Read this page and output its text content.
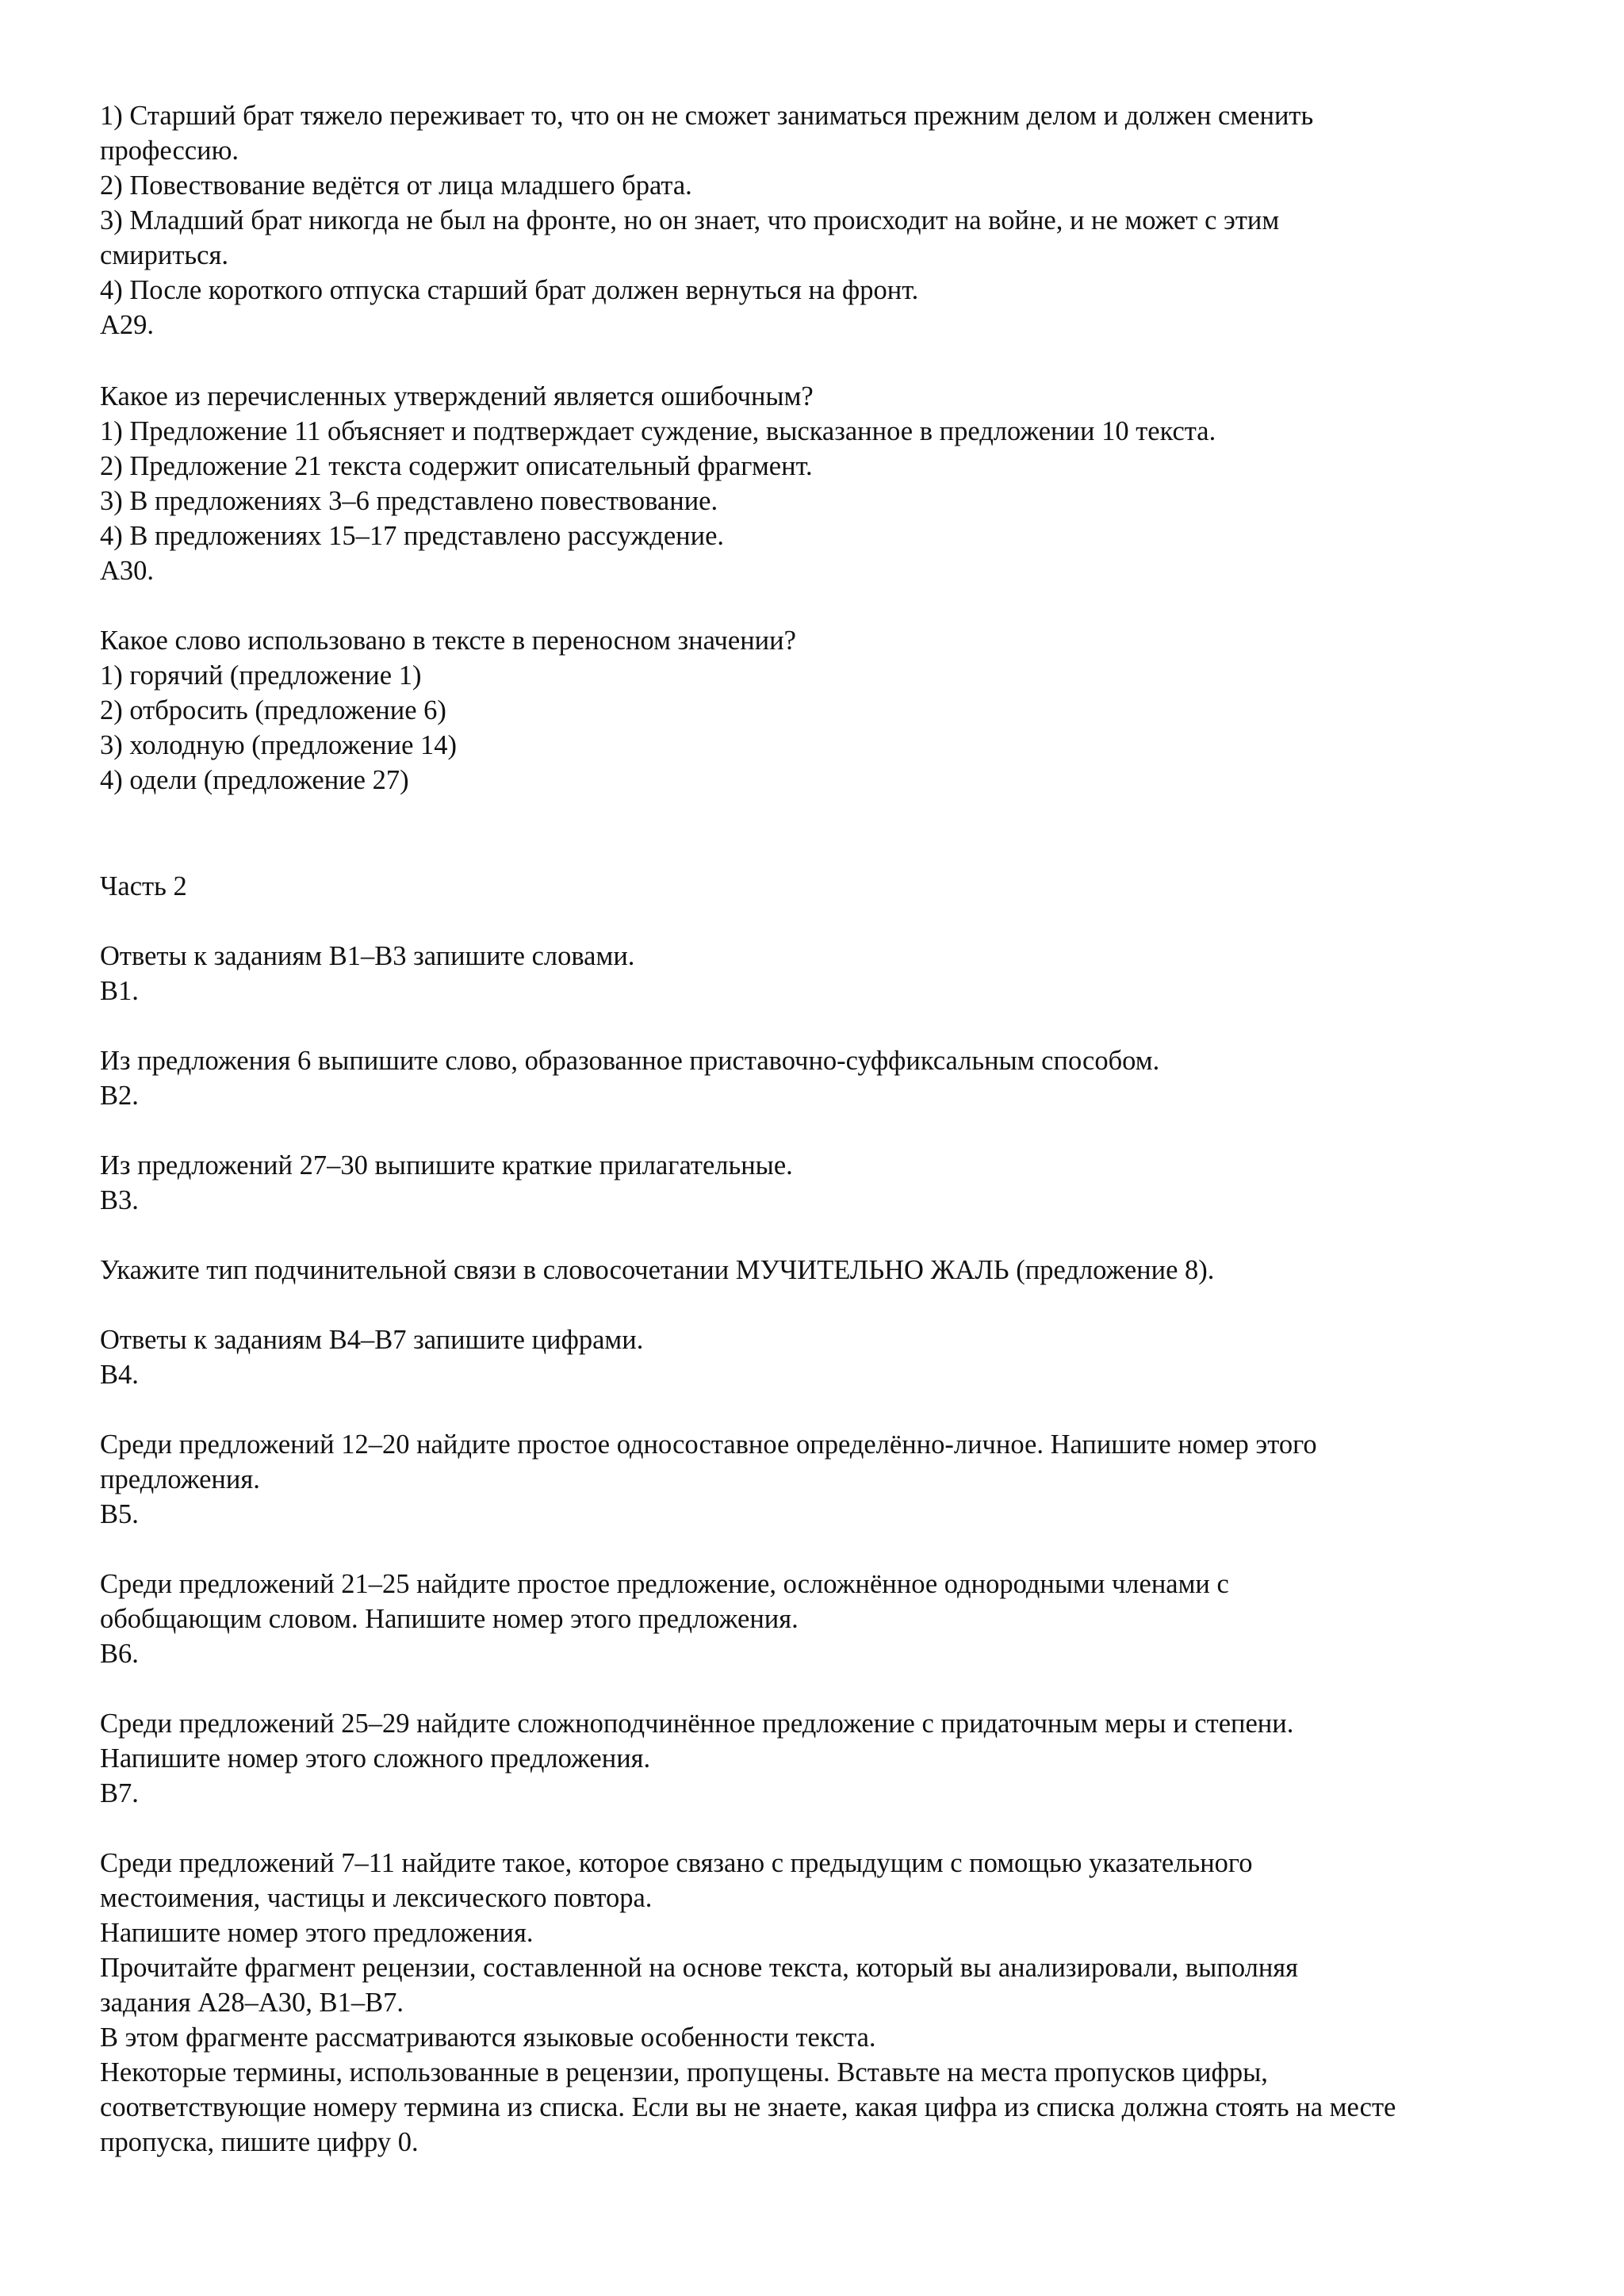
1) Старший брат тяжело переживает то, что он не сможет заниматься прежним делом и должен сменить

профессию.

2) Повествование ведётся от лица младшего брата.

3) Младший брат никогда не был на фронте, но он знает, что происходит на войне, и не может с этим

смириться.

4) После короткого отпуска старший брат должен вернуться на фронт.

A29.

Какое из перечисленных утверждений является ошибочным?

1) Предложение 11 объясняет и подтверждает суждение, высказанное в предложении 10 текста.

2) Предложение 21 текста содержит описательный фрагмент.

3) В предложениях 3–6 представлено повествование.

4) В предложениях 15–17 представлено рассуждение.

A30.

Какое слово использовано в тексте в переносном значении?

1) горячий (предложение 1)

2) отбросить (предложение 6)

3) холодную (предложение 14)

4) одели (предложение 27)

Часть 2

Ответы к заданиям B1–B3 запишите словами.

B1.

Из предложения 6 выпишите слово, образованное приставочно-суффиксальным способом.

B2.

Из предложений 27–30 выпишите краткие прилагательные.

B3.

Укажите тип подчинительной связи в словосочетании МУЧИТЕЛЬНО ЖАЛЬ (предложение 8).

Ответы к заданиям B4–B7 запишите цифрами.

B4.

Среди предложений 12–20 найдите простое односоставное определённо-личное. Напишите номер этого

предложения.

B5.

Среди предложений 21–25 найдите простое предложение, осложнённое однородными членами с

обобщающим словом. Напишите номер этого предложения.

B6.

Среди предложений 25–29 найдите сложноподчинённое предложение с придаточным меры и степени.

Напишите номер этого сложного предложения.

B7.

Среди предложений 7–11 найдите такое, которое связано с предыдущим с помощью указательного

местоимения, частицы и лексического повтора.

Напишите номер этого предложения.

Прочитайте фрагмент рецензии, составленной на основе текста, который вы анализировали, выполняя

задания A28–A30, B1–B7.

В этом фрагменте рассматриваются языковые особенности текста.

Некоторые термины, использованные в рецензии, пропущены. Вставьте на места пропусков цифры,

соответствующие номеру термина из списка. Если вы не знаете, какая цифра из списка должна стоять на месте

пропуска, пишите цифру 0.
